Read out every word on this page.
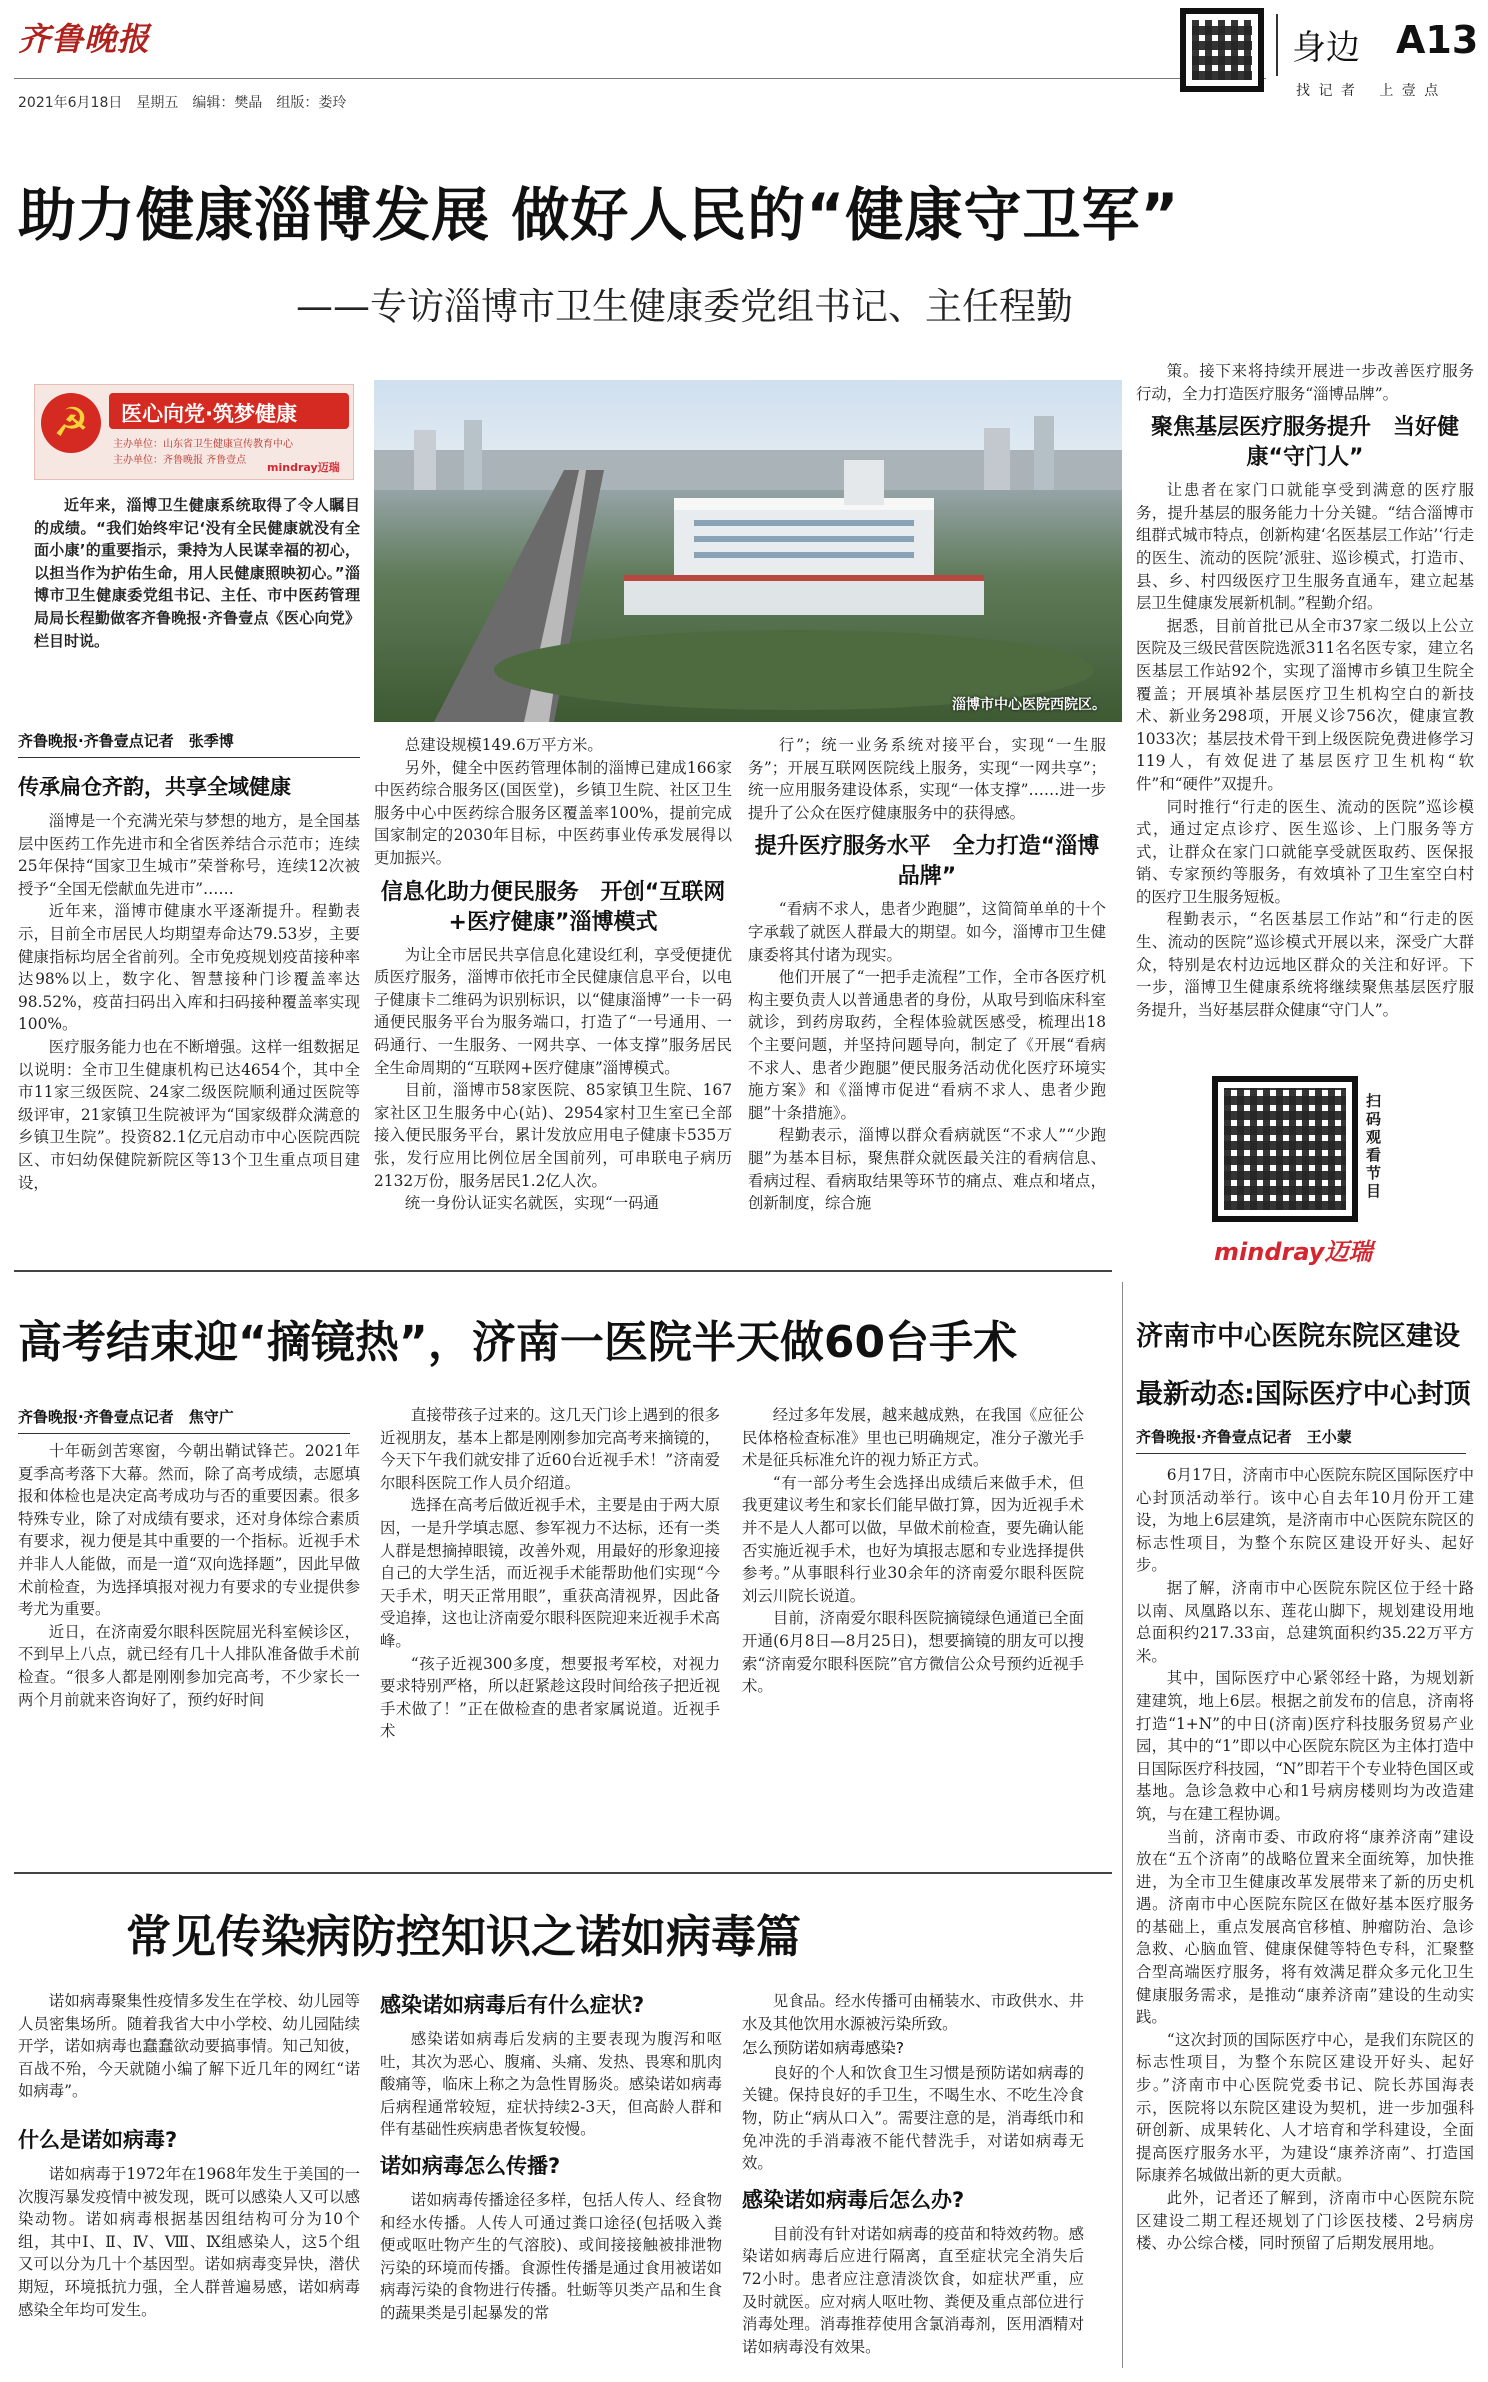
齐鲁晚报
2021年6月18日　星期五　编辑：樊晶　组版：娄玲
身边 A13
找 记 者　 上 壹 点
助力健康淄博发展 做好人民的“健康守卫军”
——专访淄博市卫生健康委党组书记、主任程勤
☭	医心向党·筑梦健康
主办单位：山东省卫生健康宣传教育中心
主办单位：齐鲁晚报 齐鲁壹点
mindray迈瑞

近年来，淄博卫生健康系统取得了令人瞩目的成绩。“我们始终牢记‘没有全民健康就没有全面小康’的重要指示，秉持为人民谋幸福的初心，以担当作为护佑生命，用人民健康照映初心。”淄博市卫生健康委党组书记、主任、市中医药管理局局长程勤做客齐鲁晚报·齐鲁壹点《医心向党》栏目时说。

齐鲁晚报·齐鲁壹点记者　张季博
淄博市中心医院西院区。
传承扁仓齐韵，共享全域健康

淄博是一个充满光荣与梦想的地方，是全国基层中医药工作先进市和全省医养结合示范市；连续25年保持“国家卫生城市”荣誉称号，连续12次被授予“全国无偿献血先进市”……

近年来，淄博市健康水平逐渐提升。程勤表示，目前全市居民人均期望寿命达79.53岁，主要健康指标均居全省前列。全市免疫规划疫苗接种率达98%以上，数字化、智慧接种门诊覆盖率达98.52%，疫苗扫码出入库和扫码接种覆盖率实现100%。

医疗服务能力也在不断增强。这样一组数据足以说明：全市卫生健康机构已达4654个，其中全市11家三级医院、24家二级医院顺利通过医院等级评审，21家镇卫生院被评为“国家级群众满意的乡镇卫生院”。投资82.1亿元启动市中心医院西院区、市妇幼保健院新院区等13个卫生重点项目建设，

总建设规模149.6万平方米。

另外，健全中医药管理体制的淄博已建成166家中医药综合服务区(国医堂)，乡镇卫生院、社区卫生服务中心中医药综合服务区覆盖率100%，提前完成国家制定的2030年目标，中医药事业传承发展得以更加振兴。

信息化助力便民服务　开创“互联网+医疗健康”淄博模式

为让全市居民共享信息化建设红利，享受便捷优质医疗服务，淄博市依托市全民健康信息平台，以电子健康卡二维码为识别标识，以“健康淄博”一卡一码通便民服务平台为服务端口，打造了“一号通用、一码通行、一生服务、一网共享、一体支撑”服务居民全生命周期的“互联网+医疗健康”淄博模式。

目前，淄博市58家医院、85家镇卫生院、167家社区卫生服务中心(站)、2954家村卫生室已全部接入便民服务平台，累计发放应用电子健康卡535万张，发行应用比例位居全国前列，可串联电子病历2132万份，服务居民1.2亿人次。

统一身份认证实名就医，实现“一码通

行”；统一业务系统对接平台，实现“一生服务”；开展互联网医院线上服务，实现“一网共享”；统一应用服务建设体系，实现“一体支撑”……进一步提升了公众在医疗健康服务中的获得感。

提升医疗服务水平　全力打造“淄博品牌”

“看病不求人，患者少跑腿”，这简简单单的十个字承载了就医人群最大的期望。如今，淄博市卫生健康委将其付诸为现实。

他们开展了“一把手走流程”工作，全市各医疗机构主要负责人以普通患者的身份，从取号到临床科室就诊，到药房取药，全程体验就医感受，梳理出18个主要问题，并坚持问题导向，制定了《开展“看病不求人、患者少跑腿”便民服务活动优化医疗环境实施方案》和《淄博市促进“看病不求人、患者少跑腿”十条措施》。

程勤表示，淄博以群众看病就医“不求人”“少跑腿”为基本目标，聚焦群众就医最关注的看病信息、看病过程、看病取结果等环节的痛点、难点和堵点，创新制度，综合施

策。接下来将持续开展进一步改善医疗服务行动，全力打造医疗服务“淄博品牌”。

聚焦基层医疗服务提升　当好健康“守门人”

让患者在家门口就能享受到满意的医疗服务，提升基层的服务能力十分关键。“结合淄博市组群式城市特点，创新构建‘名医基层工作站’‘行走的医生、流动的医院’派驻、巡诊模式，打造市、县、乡、村四级医疗卫生服务直通车，建立起基层卫生健康发展新机制。”程勤介绍。

据悉，目前首批已从全市37家二级以上公立医院及三级民营医院选派311名名医专家，建立名医基层工作站92个，实现了淄博市乡镇卫生院全覆盖；开展填补基层医疗卫生机构空白的新技术、新业务298项，开展义诊756次，健康宣教1033次；基层技术骨干到上级医院免费进修学习119人，有效促进了基层医疗卫生机构“软件”和“硬件”双提升。

同时推行“行走的医生、流动的医院”巡诊模式，通过定点诊疗、医生巡诊、上门服务等方式，让群众在家门口就能享受就医取药、医保报销、专家预约等服务，有效填补了卫生室空白村的医疗卫生服务短板。

程勤表示，“名医基层工作站”和“行走的医生、流动的医院”巡诊模式开展以来，深受广大群众，特别是农村边远地区群众的关注和好评。下一步，淄博卫生健康系统将继续聚焦基层医疗服务提升，当好基层群众健康“守门人”。

扫码观看节目
mindray迈瑞
高考结束迎“摘镜热”，济南一医院半天做60台手术
齐鲁晚报·齐鲁壹点记者　焦守广

十年砺剑苦寒窗，今朝出鞘试锋芒。2021年夏季高考落下大幕。然而，除了高考成绩，志愿填报和体检也是决定高考成功与否的重要因素。很多特殊专业，除了对成绩有要求，还对身体综合素质有要求，视力便是其中重要的一个指标。近视手术并非人人能做，而是一道“双向选择题”，因此早做术前检查，为选择填报对视力有要求的专业提供参考尤为重要。

近日，在济南爱尔眼科医院屈光科室候诊区，不到早上八点，就已经有几十人排队准备做手术前检查。“很多人都是刚刚参加完高考，不少家长一两个月前就来咨询好了，预约好时间

直接带孩子过来的。这几天门诊上遇到的很多近视朋友，基本上都是刚刚参加完高考来摘镜的，今天下午我们就安排了近60台近视手术！”济南爱尔眼科医院工作人员介绍道。

选择在高考后做近视手术，主要是由于两大原因，一是升学填志愿、参军视力不达标，还有一类人群是想摘掉眼镜，改善外观，用最好的形象迎接自己的大学生活，而近视手术能帮助他们实现“今天手术，明天正常用眼”，重获高清视界，因此备受追捧，这也让济南爱尔眼科医院迎来近视手术高峰。

“孩子近视300多度，想要报考军校，对视力要求特别严格，所以赶紧趁这段时间给孩子把近视手术做了！”正在做检查的患者家属说道。近视手术

经过多年发展，越来越成熟，在我国《应征公民体格检查标准》里也已明确规定，准分子激光手术是征兵标准允许的视力矫正方式。

“有一部分考生会选择出成绩后来做手术，但我更建议考生和家长们能早做打算，因为近视手术并不是人人都可以做，早做术前检查，要先确认能否实施近视手术，也好为填报志愿和专业选择提供参考。”从事眼科行业30余年的济南爱尔眼科医院刘云川院长说道。

目前，济南爱尔眼科医院摘镜绿色通道已全面开通(6月8日—8月25日)，想要摘镜的朋友可以搜索“济南爱尔眼科医院”官方微信公众号预约近视手术。

常见传染病防控知识之诺如病毒篇

诺如病毒聚集性疫情多发生在学校、幼儿园等人员密集场所。随着我省大中小学校、幼儿园陆续开学，诺如病毒也蠢蠢欲动要搞事情。知己知彼，百战不殆，今天就随小编了解下近几年的网红“诺如病毒”。

什么是诺如病毒?

诺如病毒于1972年在1968年发生于美国的一次腹泻暴发疫情中被发现，既可以感染人又可以感染动物。诺如病毒根据基因组结构可分为10个组，其中Ⅰ、Ⅱ、Ⅳ、Ⅷ、Ⅸ组感染人，这5个组又可以分为几十个基因型。诺如病毒变异快，潜伏期短，环境抵抗力强，全人群普遍易感，诺如病毒感染全年均可发生。

感染诺如病毒后有什么症状?

感染诺如病毒后发病的主要表现为腹泻和呕吐，其次为恶心、腹痛、头痛、发热、畏寒和肌肉酸痛等，临床上称之为急性胃肠炎。感染诺如病毒后病程通常较短，症状持续2-3天，但高龄人群和伴有基础性疾病患者恢复较慢。

诺如病毒怎么传播?

诺如病毒传播途径多样，包括人传人、经食物和经水传播。人传人可通过粪口途径(包括吸入粪便或呕吐物产生的气溶胶)、或间接接触被排泄物污染的环境而传播。食源性传播是通过食用被诺如病毒污染的食物进行传播。牡蛎等贝类产品和生食的蔬果类是引起暴发的常

见食品。经水传播可由桶装水、市政供水、井水及其他饮用水源被污染所致。

怎么预防诺如病毒感染?

良好的个人和饮食卫生习惯是预防诺如病毒的关键。保持良好的手卫生，不喝生水、不吃生冷食物，防止“病从口入”。需要注意的是，消毒纸巾和免冲洗的手消毒液不能代替洗手，对诺如病毒无效。

感染诺如病毒后怎么办?

目前没有针对诺如病毒的疫苗和特效药物。感染诺如病毒后应进行隔离，直至症状完全消失后72小时。患者应注意清淡饮食，如症状严重，应及时就医。应对病人呕吐物、粪便及重点部位进行消毒处理。消毒推荐使用含氯消毒剂，医用酒精对诺如病毒没有效果。

济南市中心医院东院区建设
最新动态:国际医疗中心封顶
齐鲁晚报·齐鲁壹点记者　王小蒙

6月17日，济南市中心医院东院区国际医疗中心封顶活动举行。该中心自去年10月份开工建设，为地上6层建筑，是济南市中心医院东院区的标志性项目，为整个东院区建设开好头、起好步。

据了解，济南市中心医院东院区位于经十路以南、凤凰路以东、莲花山脚下，规划建设用地总面积约217.33亩，总建筑面积约35.22万平方米。

其中，国际医疗中心紧邻经十路，为规划新建建筑，地上6层。根据之前发布的信息，济南将打造“1+N”的中日(济南)医疗科技服务贸易产业园，其中的“1”即以中心医院东院区为主体打造中日国际医疗科技园，“N”即若干个专业特色国区或基地。急诊急救中心和1号病房楼则均为改造建筑，与在建工程协调。

当前，济南市委、市政府将“康养济南”建设放在“五个济南”的战略位置来全面统筹，加快推进，为全市卫生健康改革发展带来了新的历史机遇。济南市中心医院东院区在做好基本医疗服务的基础上，重点发展高官移植、肿瘤防治、急诊急救、心脑血管、健康保健等特色专科，汇聚整合型高端医疗服务，将有效满足群众多元化卫生健康服务需求，是推动“康养济南”建设的生动实践。

“这次封顶的国际医疗中心，是我们东院区的标志性项目，为整个东院区建设开好头、起好步。”济南市中心医院党委书记、院长苏国海表示，医院将以东院区建设为契机，进一步加强科研创新、成果转化、人才培育和学科建设，全面提高医疗服务水平，为建设“康养济南”、打造国际康养名城做出新的更大贡献。

此外，记者还了解到，济南市中心医院东院区建设二期工程还规划了门诊医技楼、2号病房楼、办公综合楼，同时预留了后期发展用地。
